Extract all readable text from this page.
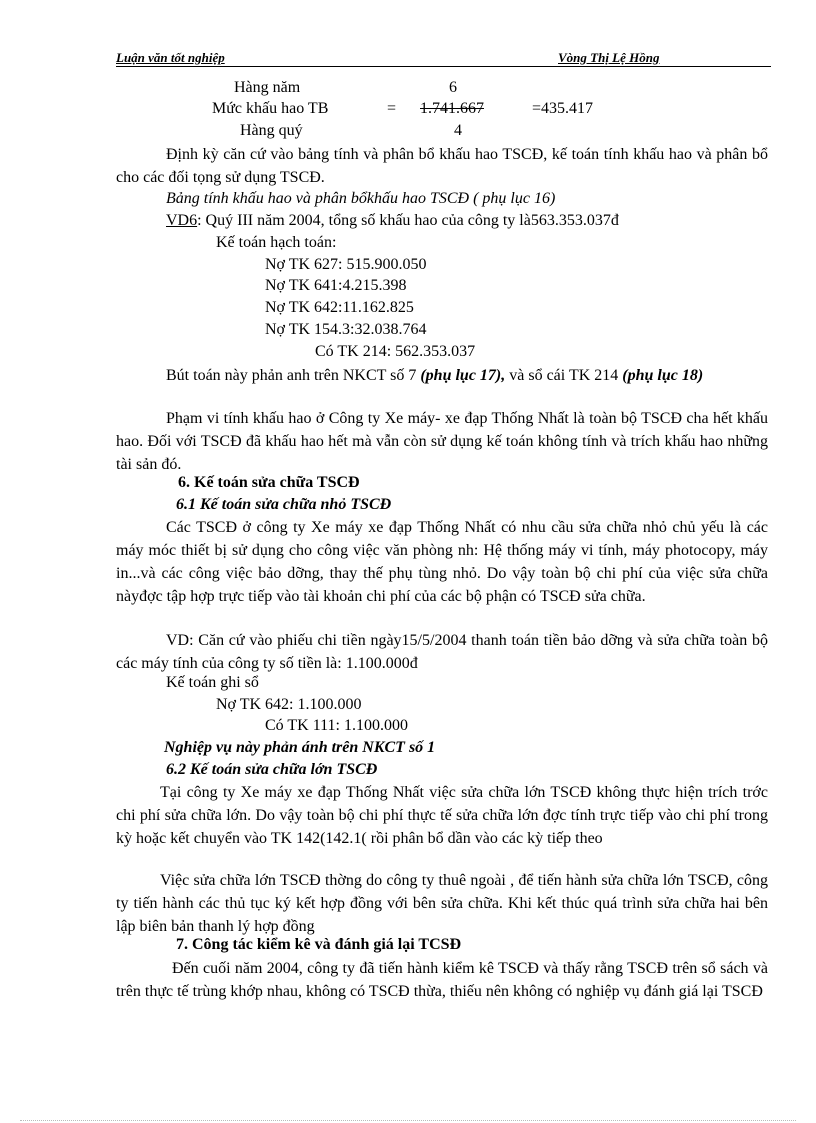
Luận văn tốt nghiệp	Vòng Thị Lệ Hồng
Hàng năm	6
Mức khấu hao TB	= 1.741.667	=435.417
Hàng quý	4
Định kỳ căn cứ vào bảng tính và phân bổ khấu hao TSCĐ, kế toán tính khấu hao và phân bổ cho các đối tọng sử dụng TSCĐ.
Bảng tính khấu hao và phân bổkhấu hao TSCĐ ( phụ lục 16)
VD6: Quý III năm 2004, tổng số khấu hao của công ty là563.353.037đ
Kế toán hạch toán:
Nợ TK 627: 515.900.050
Nợ TK 641:4.215.398
Nợ TK 642:11.162.825
Nợ TK 154.3:32.038.764
Có TK 214: 562.353.037
Bút toán này phản anh trên NKCT số 7 (phụ lục 17), và sổ cái TK 214 (phụ lục 18)
Phạm vi tính khấu hao ở Công ty Xe máy- xe đạp Thống Nhất là toàn bộ TSCĐ cha hết khấu hao. Đối với TSCĐ đã khấu hao hết mà vẫn còn sử dụng kế toán không tính và trích khấu hao những tài sản đó.
6. Kế toán sửa chữa TSCĐ
6.1 Kế toán sửa chữa nhỏ TSCĐ
Các TSCĐ ở công ty Xe máy xe đạp Thống Nhất có nhu cầu sửa chữa nhỏ chủ yếu là các máy móc thiết bị sử dụng cho công việc văn phòng nh: Hệ thống máy vi tính, máy photocopy, máy in...và các công việc bảo dỡng, thay thế phụ tùng nhỏ. Do vậy toàn bộ chi phí của việc sửa chữa nàyđợc tập hợp trực tiếp vào tài khoản chi phí của các bộ phận có TSCĐ sửa chữa.
VD: Căn cứ vào phiếu chi tiền ngày15/5/2004 thanh toán tiền bảo dỡng và sửa chữa toàn bộ các máy tính của công ty số tiền là: 1.100.000đ
Kế toán ghi sổ
Nợ TK 642: 1.100.000
Có TK 111: 1.100.000
Nghiệp vụ này phản ánh trên NKCT số 1
6.2 Kế toán sửa chữa lớn TSCĐ
Tại công ty Xe máy xe đạp Thống Nhất việc sửa chữa lớn TSCĐ không thực hiện trích trớc chi phí sửa chữa lớn. Do vậy toàn bộ chi phí thực tế sửa chữa lớn đợc tính trực tiếp vào chi phí trong kỳ hoặc kết chuyển vào TK 142(142.1( rồi phân bổ dần vào các kỳ tiếp theo
Việc sửa chữa lớn TSCĐ thờng do công ty thuê ngoài , để tiến hành sửa chữa lớn TSCĐ, công ty tiến hành các thủ tục ký kết hợp đồng với bên sửa chữa. Khi kết thúc quá trình sửa chữa hai bên lập biên bản thanh lý hợp đồng
7. Công tác kiểm kê và đánh giá lại TCSĐ
Đến cuối năm 2004, công ty đã tiến hành kiểm kê TSCĐ và thấy rằng TSCĐ trên sổ sách và trên thực tế trùng khớp nhau, không có TSCĐ thừa, thiếu nên không có nghiệp vụ đánh giá lại TSCĐ
